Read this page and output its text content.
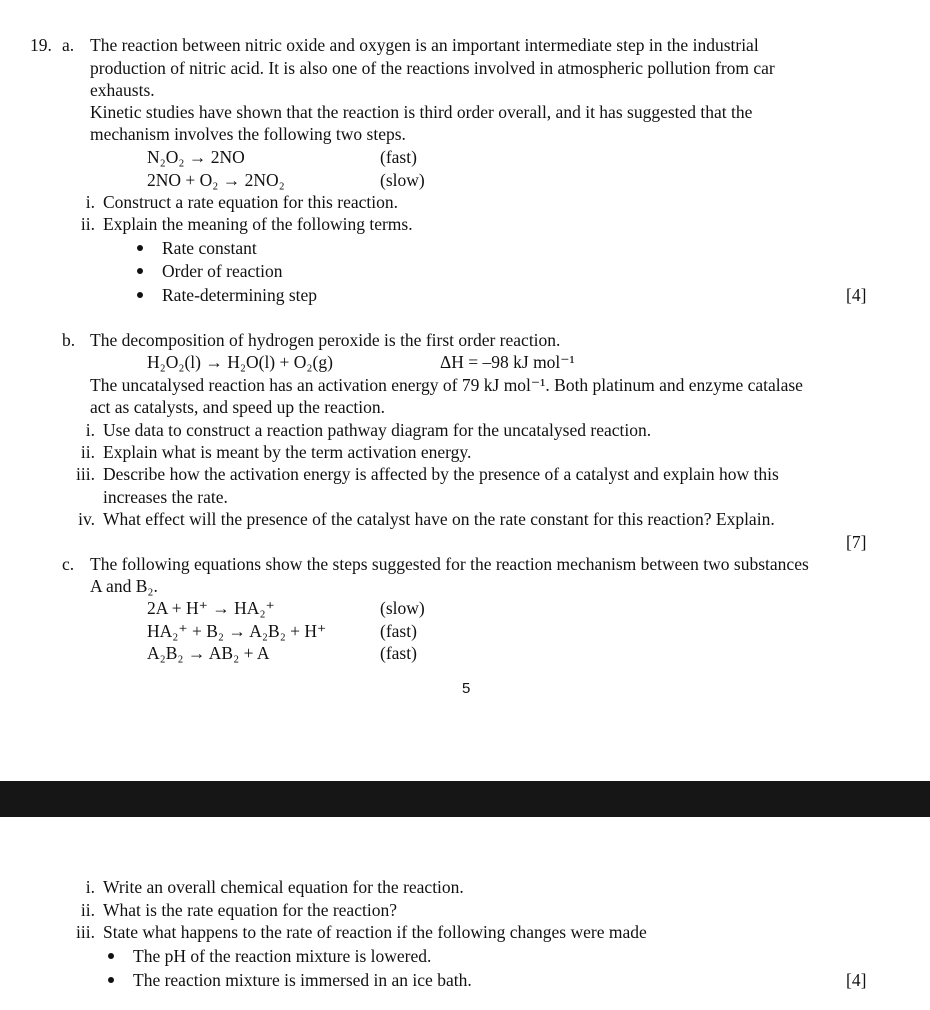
19. a. The reaction between nitric oxide and oxygen is an important intermediate step in the industrial
production of nitric acid. It is also one of the reactions involved in atmospheric pollution from car
exhausts.
Kinetic studies have shown that the reaction is third order overall, and it has suggested that the
mechanism involves the following two steps.
N₂O₂ → 2NO	(fast)
2NO + O₂ → 2NO₂	(slow)
i. Construct a rate equation for this reaction.
ii. Explain the meaning of the following terms.
Rate constant
Order of reaction
Rate-determining step	[4]
b. The decomposition of hydrogen peroxide is the first order reaction.
H₂O₂(l) → H₂O(l) + O₂(g)	ΔH = –98 kJ mol⁻¹
The uncatalysed reaction has an activation energy of 79 kJ mol⁻¹. Both platinum and enzyme catalase
act as catalysts, and speed up the reaction.
i. Use data to construct a reaction pathway diagram for the uncatalysed reaction.
ii. Explain what is meant by the term activation energy.
iii. Describe how the activation energy is affected by the presence of a catalyst and explain how this
increases the rate.
iv. What effect will the presence of the catalyst have on the rate constant for this reaction? Explain.
[7]
c. The following equations show the steps suggested for the reaction mechanism between two substances
A and B₂.
2A + H⁺ → HA₂⁺	(slow)
HA₂⁺ + B₂ → A₂B₂ + H⁺	(fast)
A₂B₂ → AB₂ + A	(fast)
5
i. Write an overall chemical equation for the reaction.
ii. What is the rate equation for the reaction?
iii. State what happens to the rate of reaction if the following changes were made
The pH of the reaction mixture is lowered.
The reaction mixture is immersed in an ice bath.	[4]
